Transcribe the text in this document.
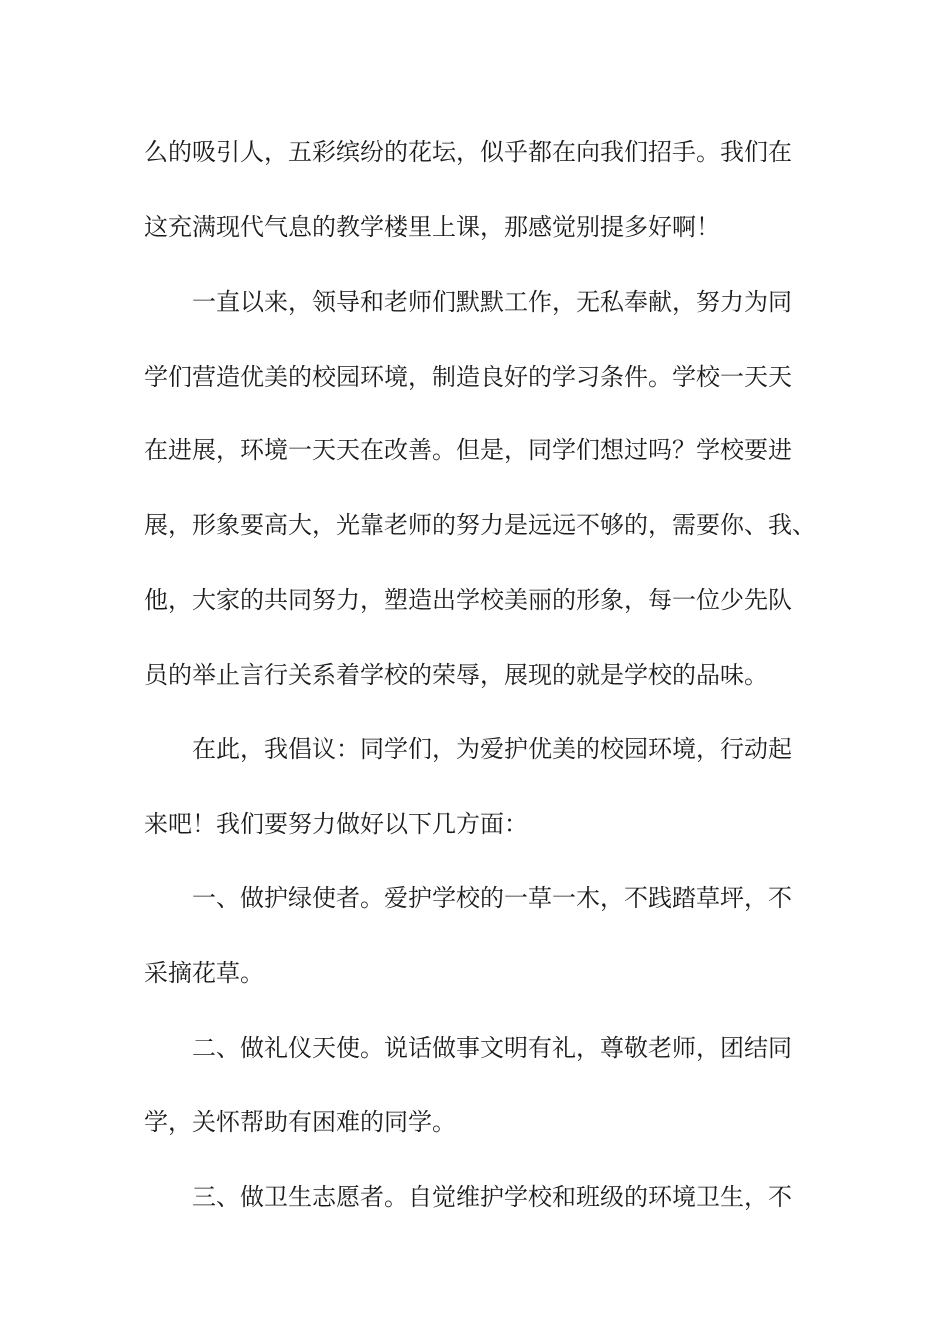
么的吸引人，五彩缤纷的花坛，似乎都在向我们招手。我们在
这充满现代气息的教学楼里上课，那感觉别提多好啊！
一直以来，领导和老师们默默工作，无私奉献，努力为同
学们营造优美的校园环境，制造良好的学习条件。学校一天天
在进展，环境一天天在改善。但是，同学们想过吗？学校要进
展，形象要高大，光靠老师的努力是远远不够的，需要你、我、
他，大家的共同努力，塑造出学校美丽的形象，每一位少先队
员的举止言行关系着学校的荣辱，展现的就是学校的品味。
在此，我倡议：同学们，为爱护优美的校园环境，行动起
来吧！我们要努力做好以下几方面：
一、做护绿使者。爱护学校的一草一木，不践踏草坪，不
采摘花草。
二、做礼仪天使。说话做事文明有礼，尊敬老师，团结同
学，关怀帮助有困难的同学。
三、做卫生志愿者。自觉维护学校和班级的环境卫生，不
